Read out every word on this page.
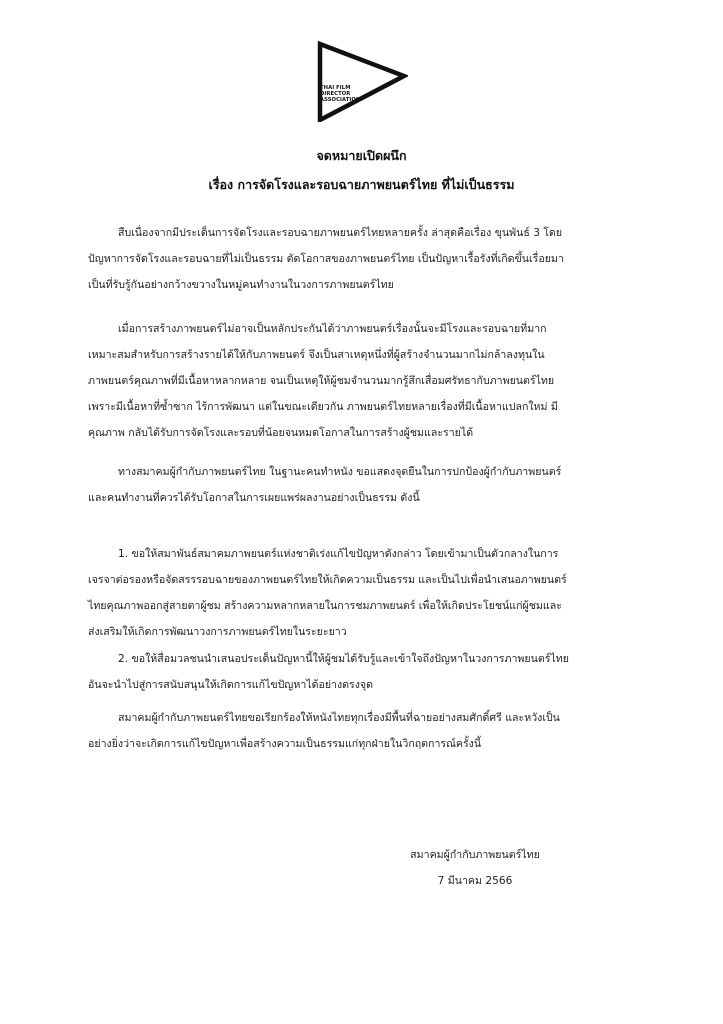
THAI FILM
DIRECTOR
ASSOCIATION
จดหมายเปิดผนึก
เรื่อง การจัดโรงและรอบฉายภาพยนตร์ไทย ที่ไม่เป็นธรรม
สืบเนื่องจากมีประเด็นการจัดโรงและรอบฉายภาพยนตร์ไทยหลายครั้ง ล่าสุดคือเรื่อง ขุนพันธ์ 3 โดย
ปัญหาการจัดโรงและรอบฉายที่ไม่เป็นธรรม ตัดโอกาสของภาพยนตร์ไทย เป็นปัญหาเรื้อรังที่เกิดขึ้นเรื่อยมา
เป็นที่รับรู้กันอย่างกว้างขวางในหมู่คนทำงานในวงการภาพยนตร์ไทย
เมื่อการสร้างภาพยนตร์ไม่อาจเป็นหลักประกันได้ว่าภาพยนตร์เรื่องนั้นจะมีโรงและรอบฉายที่มาก
เหมาะสมสำหรับการสร้างรายได้ให้กับภาพยนตร์ จึงเป็นสาเหตุหนึ่งที่ผู้สร้างจำนวนมากไม่กล้าลงทุนใน
ภาพยนตร์คุณภาพที่มีเนื้อหาหลากหลาย จนเป็นเหตุให้ผู้ชมจำนวนมากรู้สึกเสื่อมศรัทธากับภาพยนตร์ไทย
เพราะมีเนื้อหาที่ซ้ำซาก ไร้การพัฒนา แต่ในขณะเดียวกัน ภาพยนตร์ไทยหลายเรื่องที่มีเนื้อหาแปลกใหม่ มี
คุณภาพ กลับได้รับการจัดโรงและรอบที่น้อยจนหมดโอกาสในการสร้างผู้ชมและรายได้
ทางสมาคมผู้กำกับภาพยนตร์ไทย ในฐานะคนทำหนัง ขอแสดงจุดยืนในการปกป้องผู้กำกับภาพยนตร์
และคนทำงานที่ควรได้รับโอกาสในการเผยแพร่ผลงานอย่างเป็นธรรม ดังนี้
1. ขอให้สมาพันธ์สมาคมภาพยนตร์แห่งชาติเร่งแก้ไขปัญหาดังกล่าว โดยเข้ามาเป็นตัวกลางในการ
เจรจาต่อรองหรือจัดสรรรอบฉายของภาพยนตร์ไทยให้เกิดความเป็นธรรม และเป็นไปเพื่อนำเสนอภาพยนตร์
ไทยคุณภาพออกสู่สายตาผู้ชม สร้างความหลากหลายในการชมภาพยนตร์ เพื่อให้เกิดประโยชน์แก่ผู้ชมและ
ส่งเสริมให้เกิดการพัฒนาวงการภาพยนตร์ไทยในระยะยาว
2. ขอให้สื่อมวลชนนำเสนอประเด็นปัญหานี้ให้ผู้ชมได้รับรู้และเข้าใจถึงปัญหาในวงการภาพยนตร์ไทย
อันจะนำไปสู่การสนับสนุนให้เกิดการแก้ไขปัญหาได้อย่างตรงจุด
สมาคมผู้กำกับภาพยนตร์ไทยขอเรียกร้องให้หนังไทยทุกเรื่องมีพื้นที่ฉายอย่างสมศักดิ์ศรี และหวังเป็น
อย่างยิ่งว่าจะเกิดการแก้ไขปัญหาเพื่อสร้างความเป็นธรรมแก่ทุกฝ่ายในวิกฤตการณ์ครั้งนี้
สมาคมผู้กำกับภาพยนตร์ไทย
7 มีนาคม 2566
